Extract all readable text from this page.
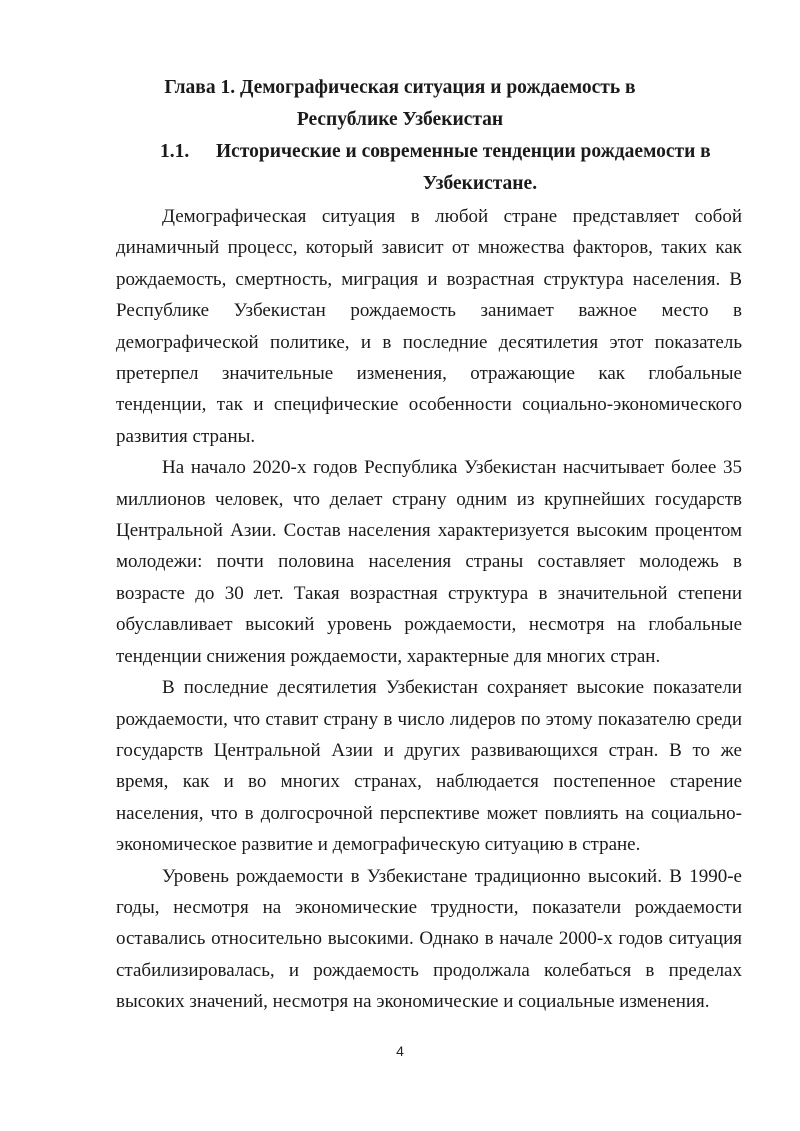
Глава 1. Демографическая ситуация и рождаемость в Республике Узбекистан
1.1.	Исторические и современные тенденции рождаемости в
Узбекистане.

Демографическая ситуация в любой стране представляет собой динамичный процесс, который зависит от множества факторов, таких как рождаемость, смертность, миграция и возрастная структура населения. В Республике Узбекистан рождаемость занимает важное место в демографической политике, и в последние десятилетия этот показатель претерпел значительные изменения, отражающие как глобальные тенденции, так и специфические особенности социально-экономического развития страны.

На начало 2020-х годов Республика Узбекистан насчитывает более 35 миллионов человек, что делает страну одним из крупнейших государств Центральной Азии. Состав населения характеризуется высоким процентом молодежи: почти половина населения страны составляет молодежь в возрасте до 30 лет. Такая возрастная структура в значительной степени обуславливает высокий уровень рождаемости, несмотря на глобальные тенденции снижения рождаемости, характерные для многих стран.

В последние десятилетия Узбекистан сохраняет высокие показатели рождаемости, что ставит страну в число лидеров по этому показателю среди государств Центральной Азии и других развивающихся стран. В то же время, как и во многих странах, наблюдается постепенное старение населения, что в долгосрочной перспективе может повлиять на социально-экономическое развитие и демографическую ситуацию в стране.

Уровень рождаемости в Узбекистане традиционно высокий. В 1990-е годы, несмотря на экономические трудности, показатели рождаемости оставались относительно высокими. Однако в начале 2000-х годов ситуация стабилизировалась, и рождаемость продолжала колебаться в пределах высоких значений, несмотря на экономические и социальные изменения.

4
